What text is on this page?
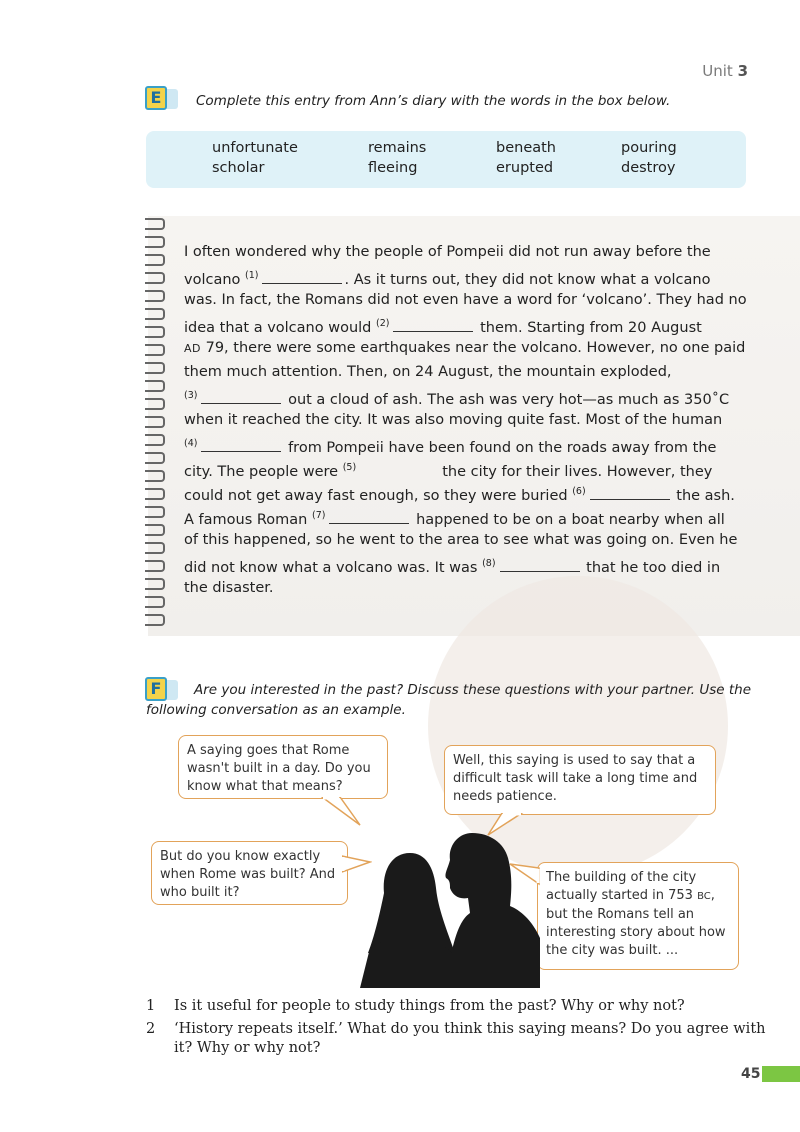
Unit 3
E	Complete this entry from Ann’s diary with the words in the box below.
unfortunate	remains	beneath	pouring
scholar	fleeing	erupted	destroy
I often wondered why the people of Pompeii did not run away before the
volcano $^{(1)}$	. As it turns out, they did not know what a volcano
was. In fact, the Romans did not even have a word for ‘volcano’. They had no
idea that a volcano would $^{(2)}$	them. Starting from 20 August
AD 79, there were some earthquakes near the volcano. However, no one paid
them much attention. Then, on 24 August, the mountain exploded,
$^{(3)}$	out a cloud of ash. The ash was very hot—as much as 350˚C
when it reached the city. It was also moving quite fast. Most of the human
$^{(4)}$	from Pompeii have been found on the roads away from the
city. The people were $^{(5)}$	the city for their lives. However, they
could not get away fast enough, so they were buried $^{(6)}$	the ash.
A famous Roman $^{(7)}$	happened to be on a boat nearby when all
of this happened, so he went to the area to see what was going on. Even he
did not know what a volcano was. It was $^{(8)}$	that he too died in
the disaster.
F	Are you interested in the past? Discuss these questions with your partner. Use the
following conversation as an example.
A saying goes that Rome
wasn't built in a day. Do you
know what that means?
Well, this saying is used to say that a
difficult task will take a long time and
needs patience.
But do you know exactly
when Rome was built? And
who built it?
The building of the city
actually started in 753 BC,
but the Romans tell an
interesting story about how
the city was built. ...
1 Is it useful for people to study things from the past? Why or why not?
2 ‘History repeats itself.’ What do you think this saying means? Do you agree with
it? Why or why not?
45
